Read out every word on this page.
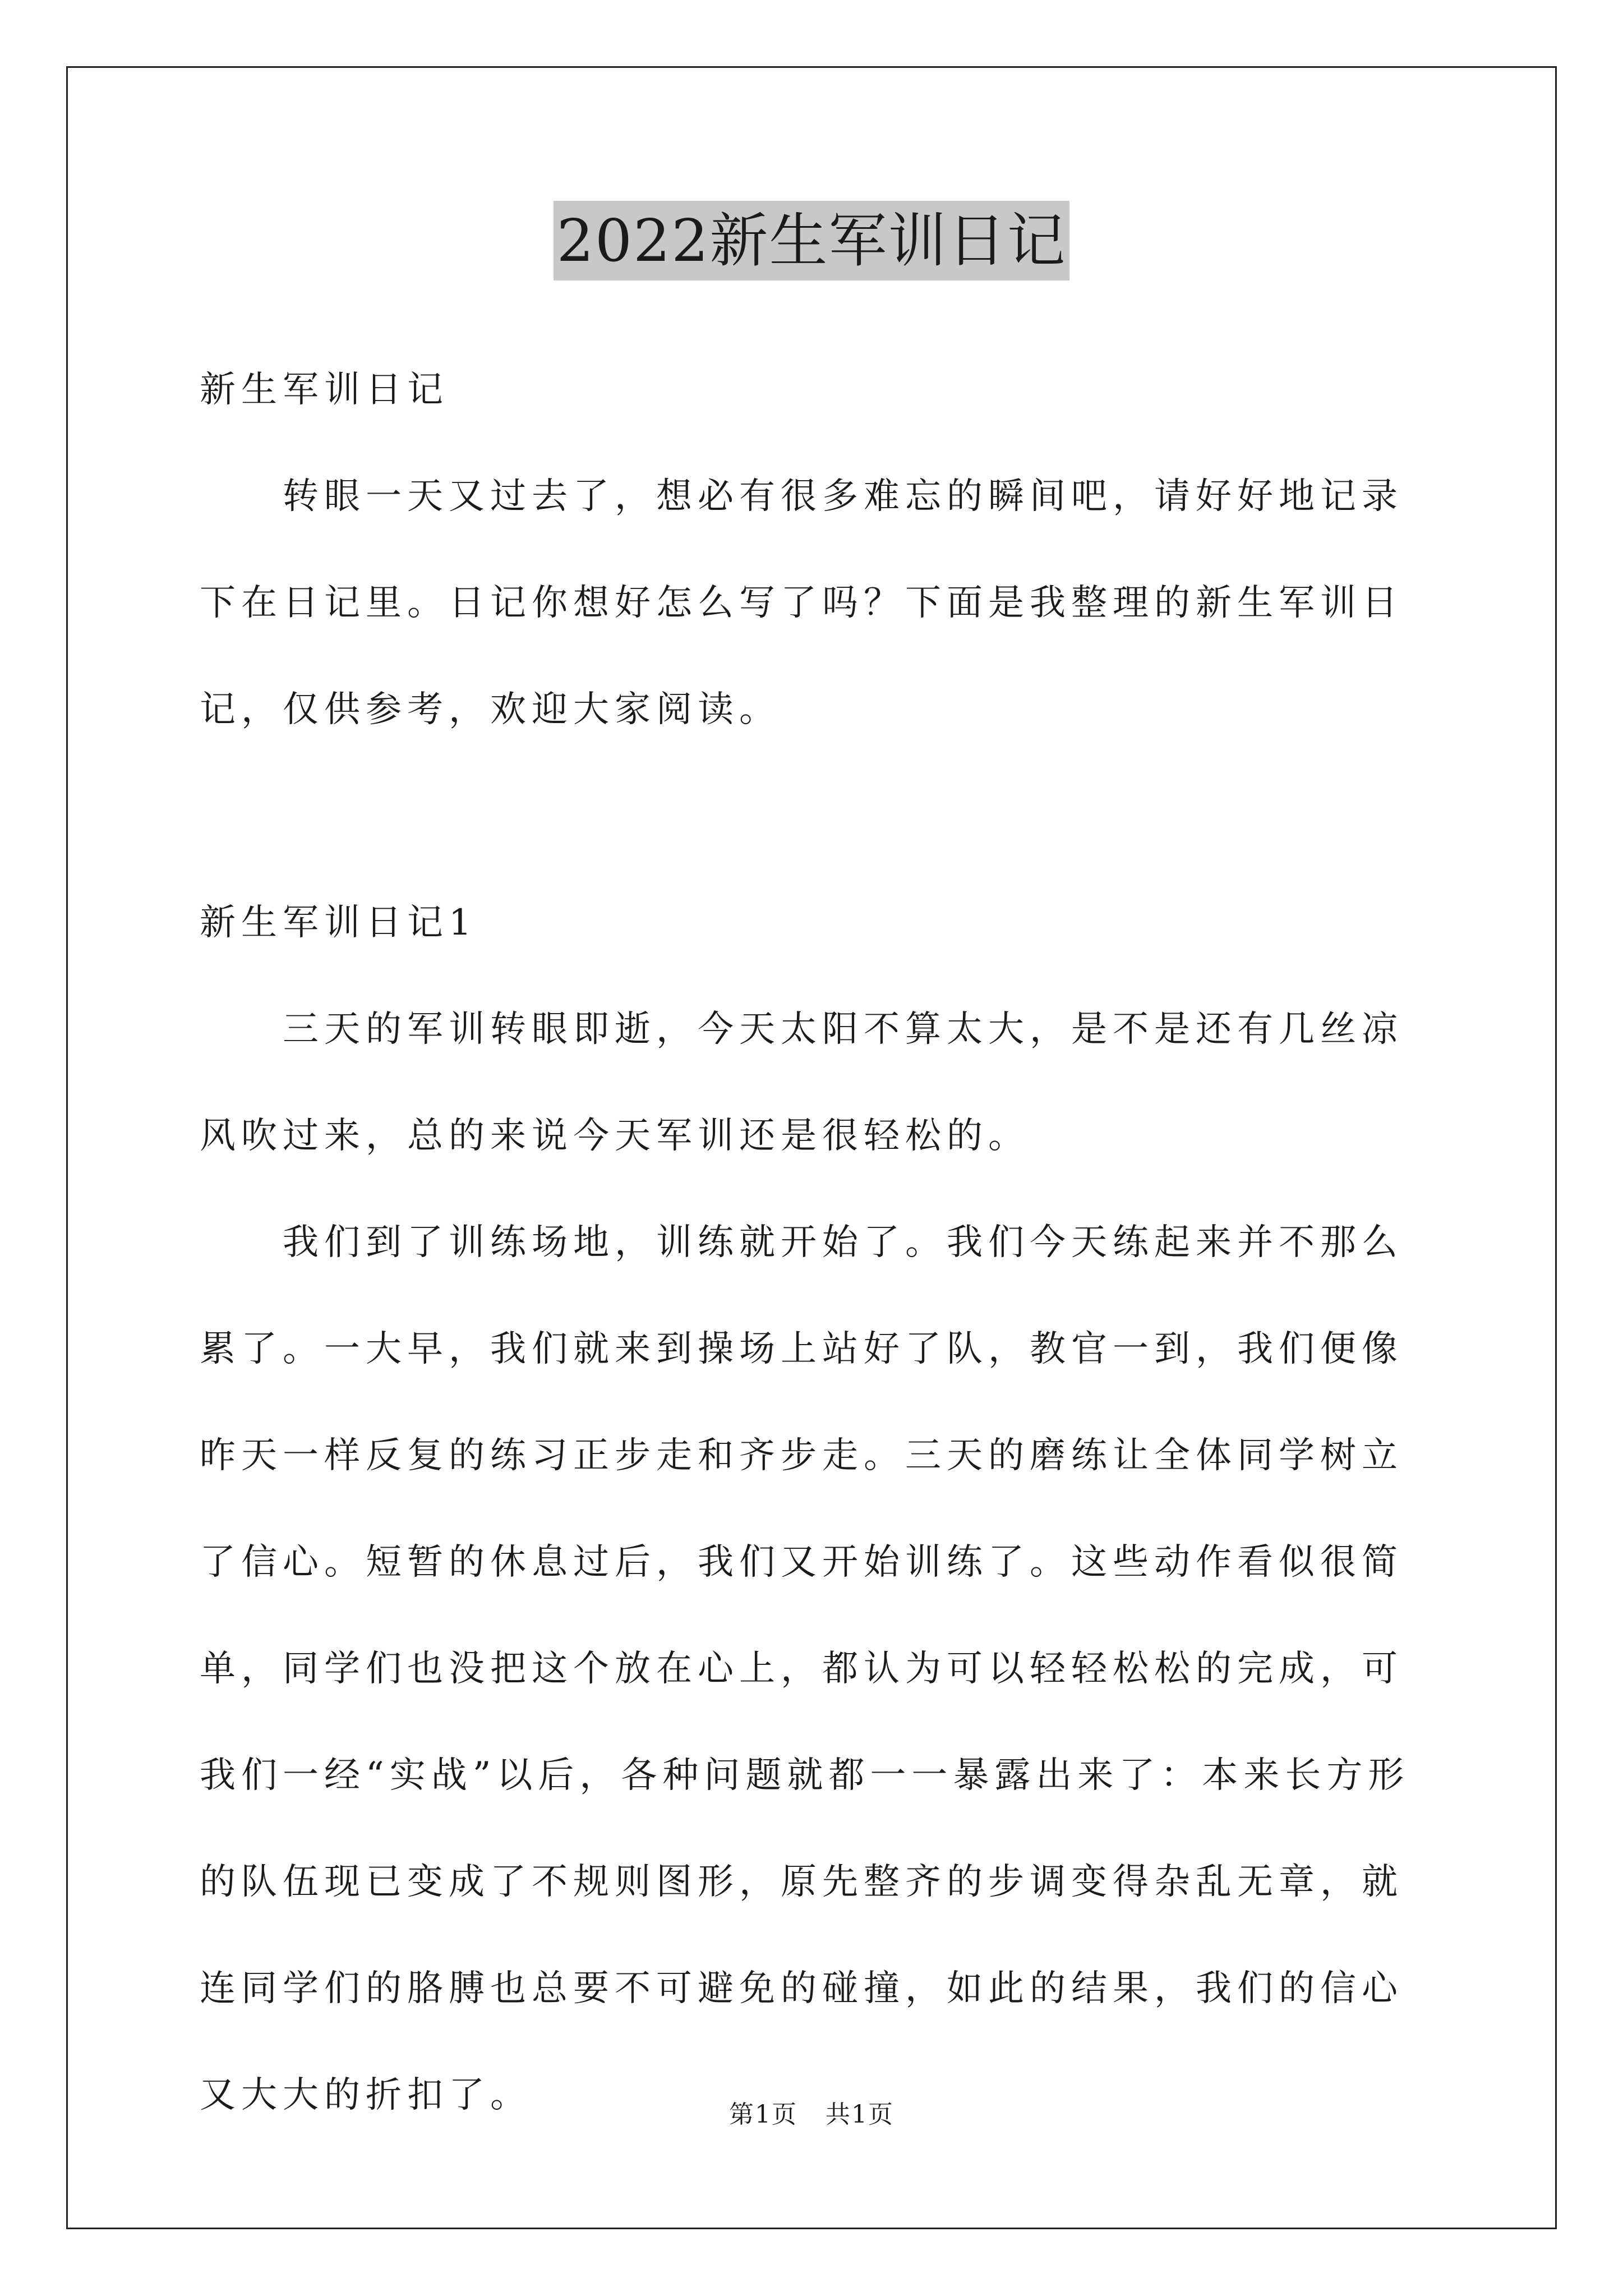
2022新生军训日记

新生军训日记

转眼一天又过去了，想必有很多难忘的瞬间吧，请好好地记录下在日记里。日记你想好怎么写了吗？下面是我整理的新生军训日记，仅供参考，欢迎大家阅读。

新生军训日记1

三天的军训转眼即逝，今天太阳不算太大，是不是还有几丝凉风吹过来，总的来说今天军训还是很轻松的。

我们到了训练场地，训练就开始了。我们今天练起来并不那么累了。一大早，我们就来到操场上站好了队，教官一到，我们便像昨天一样反复的练习正步走和齐步走。三天的磨练让全体同学树立了信心。短暂的休息过后，我们又开始训练了。这些动作看似很简单，同学们也没把这个放在心上，都认为可以轻轻松松的完成，可我们一经“实战”以后，各种问题就都一一暴露出来了：本来长方形的队伍现已变成了不规则图形，原先整齐的步调变得杂乱无章，就连同学们的胳膊也总要不可避免的碰撞，如此的结果，我们的信心又大大的折扣了。	第1页 共1页
